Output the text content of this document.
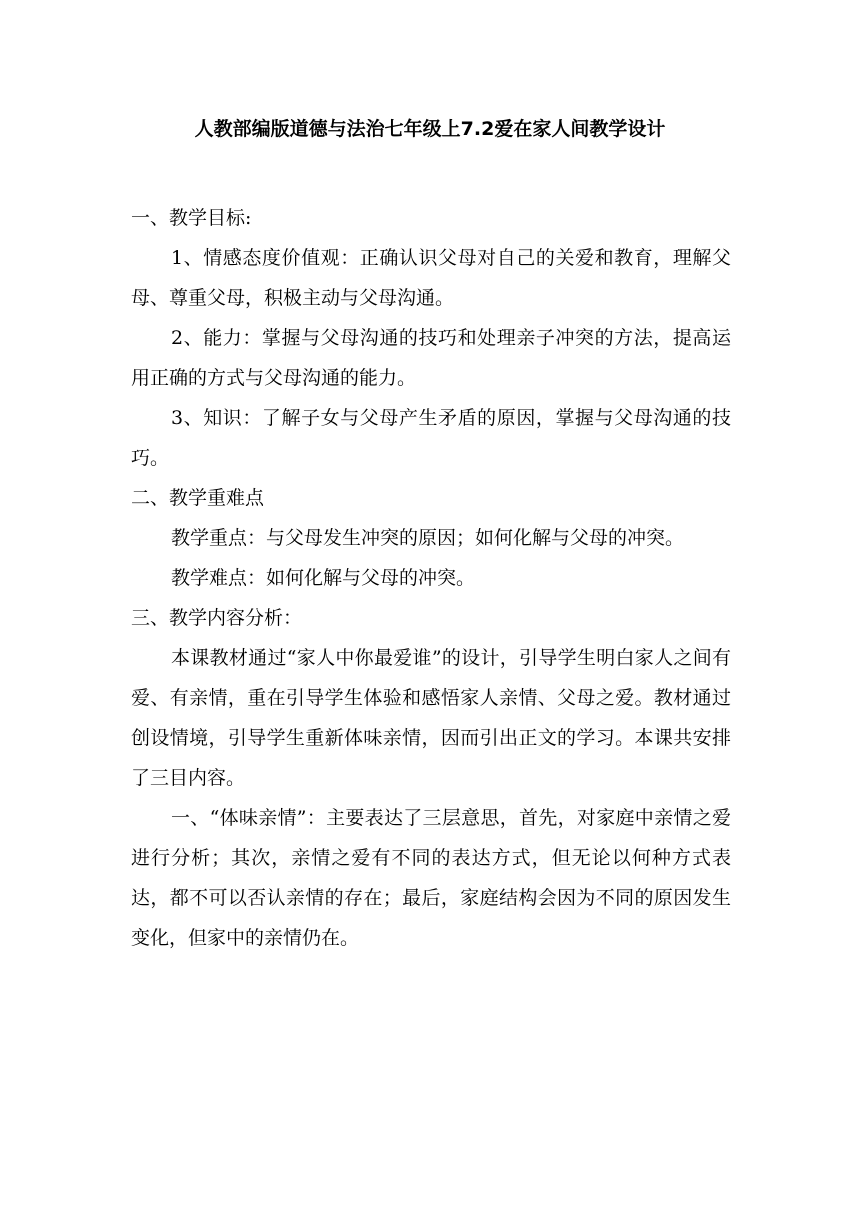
人教部编版道德与法治七年级上7.2爱在家人间教学设计

一、教学目标:

1、情感态度价值观：正确认识父母对自己的关爱和教育，理解父母、尊重父母，积极主动与父母沟通。

2、能力：掌握与父母沟通的技巧和处理亲子冲突的方法，提高运用正确的方式与父母沟通的能力。

3、知识：了解子女与父母产生矛盾的原因，掌握与父母沟通的技巧。

二、教学重难点

教学重点：与父母发生冲突的原因；如何化解与父母的冲突。

教学难点：如何化解与父母的冲突。

三、教学内容分析：

本课教材通过“家人中你最爱谁”的设计，引导学生明白家人之间有爱、有亲情，重在引导学生体验和感悟家人亲情、父母之爱。教材通过创设情境，引导学生重新体味亲情，因而引出正文的学习。本课共安排了三目内容。

一、“体味亲情”：主要表达了三层意思，首先，对家庭中亲情之爱进行分析；其次，亲情之爱有不同的表达方式，但无论以何种方式表达，都不可以否认亲情的存在；最后，家庭结构会因为不同的原因发生变化，但家中的亲情仍在。
